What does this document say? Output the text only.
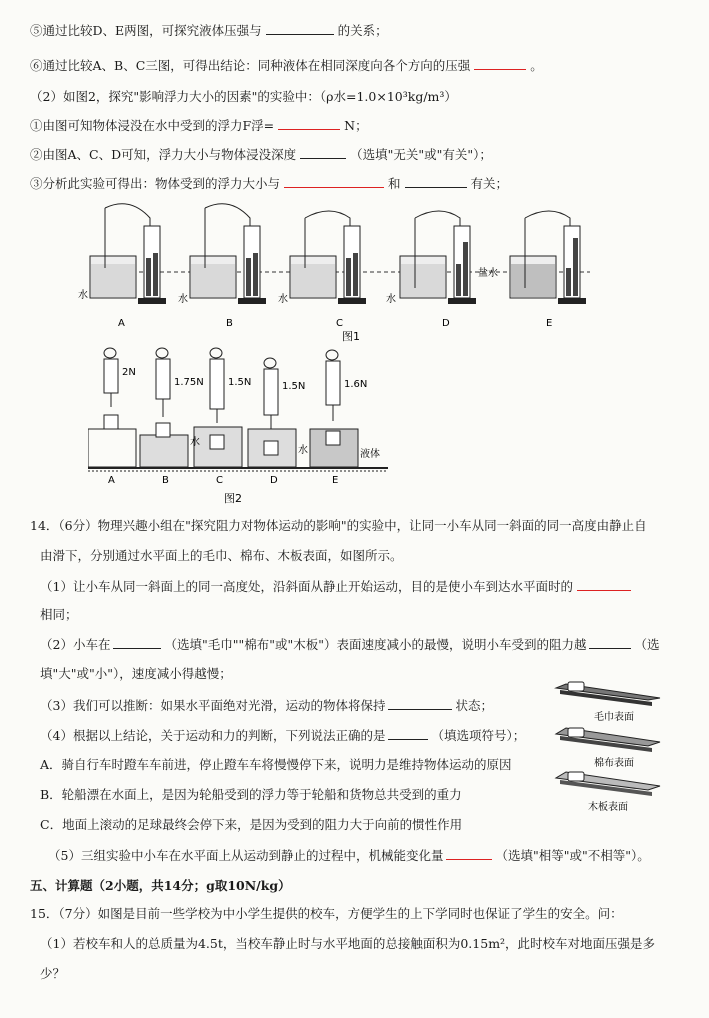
⑤通过比较D、E两图，可探究液体压强与	的关系；
⑥通过比较A、B、C三图，可得出结论：同种液体在相同深度向各个方向的压强	。
（2）如图2，探究"影响浮力大小的因素"的实验中：（ρ水=1.0×10³kg/m³）
①由图可知物体浸没在水中受到的浮力F浮=	N；
②由图A、C、D可知，浮力大小与物体浸没深度	（选填"无关"或"有关"）；
③分析此实验可得出：物体受到的浮力大小与	和	有关；
水	水	水	水
盐水
A	B	C	D	E
图1
2N
1.75N 1.5N	1.5N	1.6N
水
水	液体
A	B	C	D	E
图2
14．（6分）物理兴趣小组在"探究阻力对物体运动的影响"的实验中，让同一小车从同一斜面的同一高度由静止自
由滑下，分别通过水平面上的毛巾、棉布、木板表面，如图所示。
（1）让小车从同一斜面上的同一高度处，沿斜面从静止开始运动，目的是使小车到达水平面时的
相同；
（2）小车在	（选填"毛巾""棉布"或"木板"）表面速度减小的最慢，说明小车受到的阻力越	（选
填"大"或"小"），速度减小得越慢；
（3）我们可以推断：如果水平面绝对光滑，运动的物体将保持	状态；
（4）根据以上结论，关于运动和力的判断，下列说法正确的是	（填选项符号）；
A．骑自行车时蹬车车前进，停止蹬车车将慢慢停下来，说明力是维持物体运动的原因
B．轮船漂在水面上，是因为轮船受到的浮力等于轮船和货物总共受到的重力
C．地面上滚动的足球最终会停下来，是因为受到的阻力大于向前的惯性作用
（5）三组实验中小车在水平面上从运动到静止的过程中，机械能变化量	（选填"相等"或"不相等"）。
毛巾表面
棉布表面
木板表面
五、计算题（2小题，共14分；g取10N/kg）
15．（7分）如图是目前一些学校为中小学生提供的校车，方便学生的上下学同时也保证了学生的安全。问：
（1）若校车和人的总质量为4.5t，当校车静止时与水平地面的总接触面积为0.15m²，此时校车对地面压强是多
少？
